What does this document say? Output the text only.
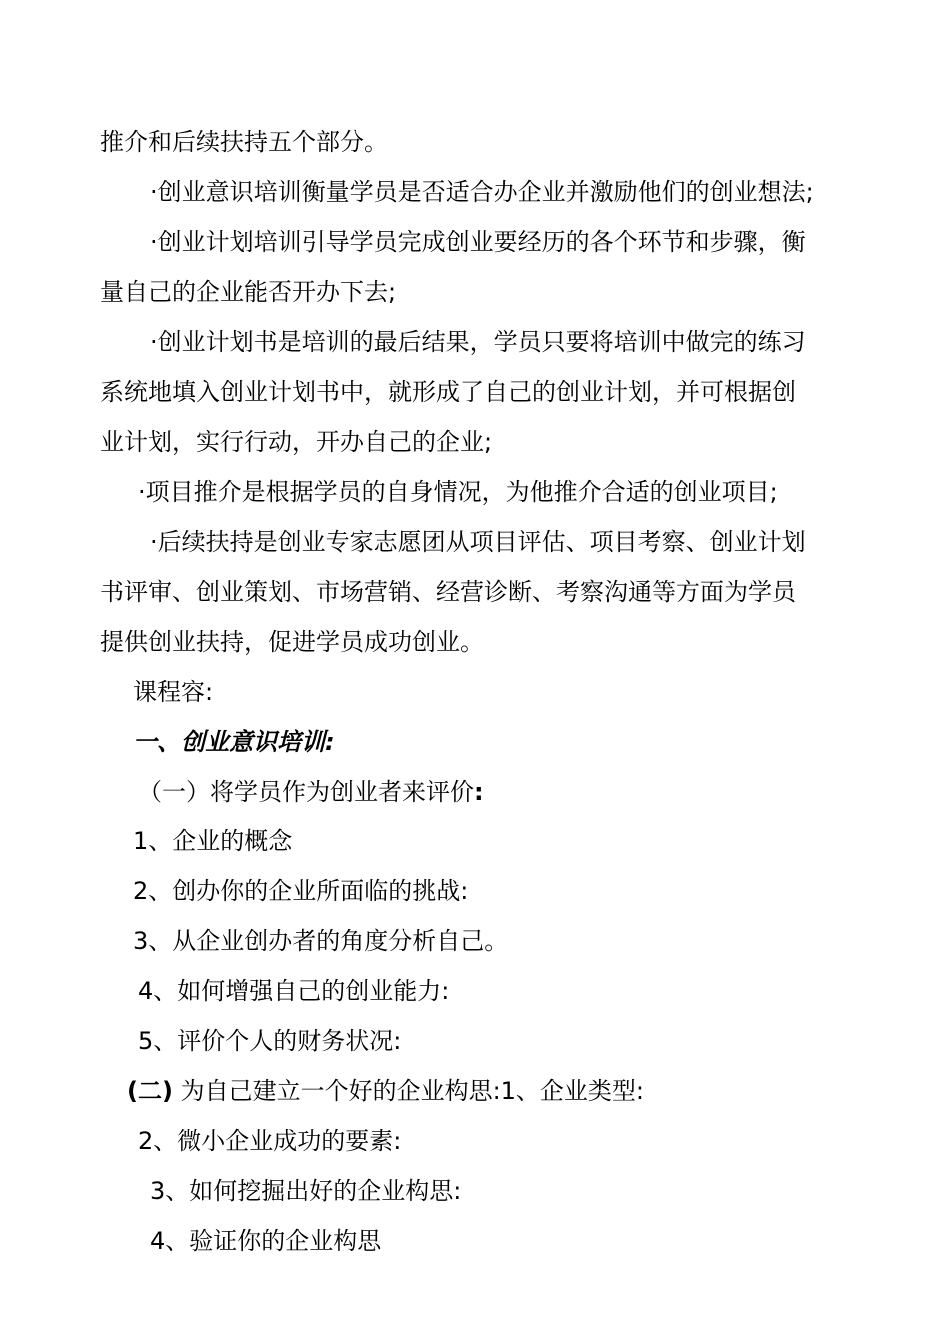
推介和后续扶持五个部分。
·创业意识培训衡量学员是否适合办企业并激励他们的创业想法;
·创业计划培训引导学员完成创业要经历的各个环节和步骤，衡
量自己的企业能否开办下去;
·创业计划书是培训的最后结果，学员只要将培训中做完的练习
系统地填入创业计划书中，就形成了自己的创业计划，并可根据创
业计划，实行行动，开办自己的企业;
·项目推介是根据学员的自身情况，为他推介合适的创业项目;
·后续扶持是创业专家志愿团从项目评估、项目考察、创业计划
书评审、创业策划、市场营销、经营诊断、考察沟通等方面为学员
提供创业扶持，促进学员成功创业。
课程容:
一、创业意识培训:
（一）将学员作为创业者来评价:
1、企业的概念
2、创办你的企业所面临的挑战:
3、从企业创办者的角度分析自己。
4、如何增强自己的创业能力:
5、评价个人的财务状况:
(二) 为自己建立一个好的企业构思:1、企业类型:
2、微小企业成功的要素:
3、如何挖掘出好的企业构思:
4、验证你的企业构思
